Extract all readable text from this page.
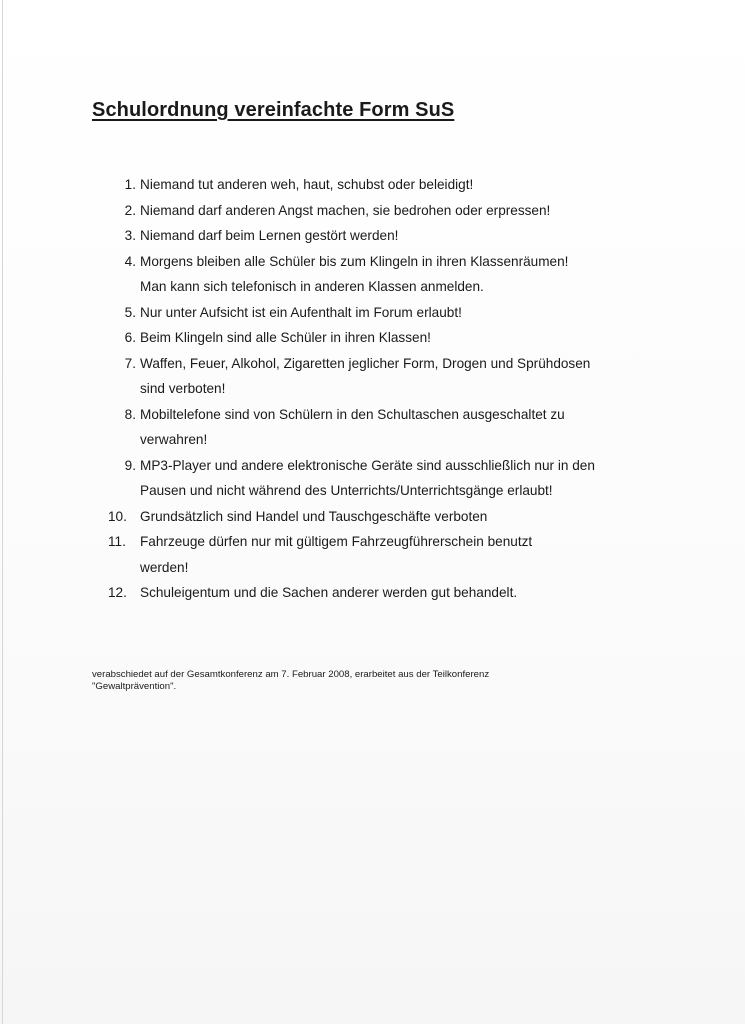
Schulordnung vereinfachte Form SuS
1. Niemand tut anderen weh, haut, schubst oder beleidigt!
2. Niemand darf anderen Angst machen, sie bedrohen oder erpressen!
3. Niemand darf beim Lernen gestört werden!
4. Morgens bleiben alle Schüler bis zum Klingeln in ihren Klassenräumen!
Man kann sich telefonisch in anderen Klassen anmelden.
5. Nur unter Aufsicht ist ein Aufenthalt im Forum erlaubt!
6. Beim Klingeln sind alle Schüler in ihren Klassen!
7. Waffen, Feuer, Alkohol, Zigaretten jeglicher Form, Drogen und Sprühdosen
sind verboten!
8. Mobiltelefone sind von Schülern in den Schultaschen ausgeschaltet zu
verwahren!
9. MP3-Player und andere elektronische Geräte sind ausschließlich nur in den
Pausen und nicht während des Unterrichts/Unterrichtsgänge erlaubt!
10. Grundsätzlich sind Handel und Tauschgeschäfte verboten
11.	Fahrzeuge dürfen nur mit gültigem Fahrzeugführerschein benutzt
werden!
12. Schuleigentum und die Sachen anderer werden gut behandelt.
verabschiedet auf der Gesamtkonferenz am 7. Februar 2008, erarbeitet aus der Teilkonferenz
"Gewaltprävention".
